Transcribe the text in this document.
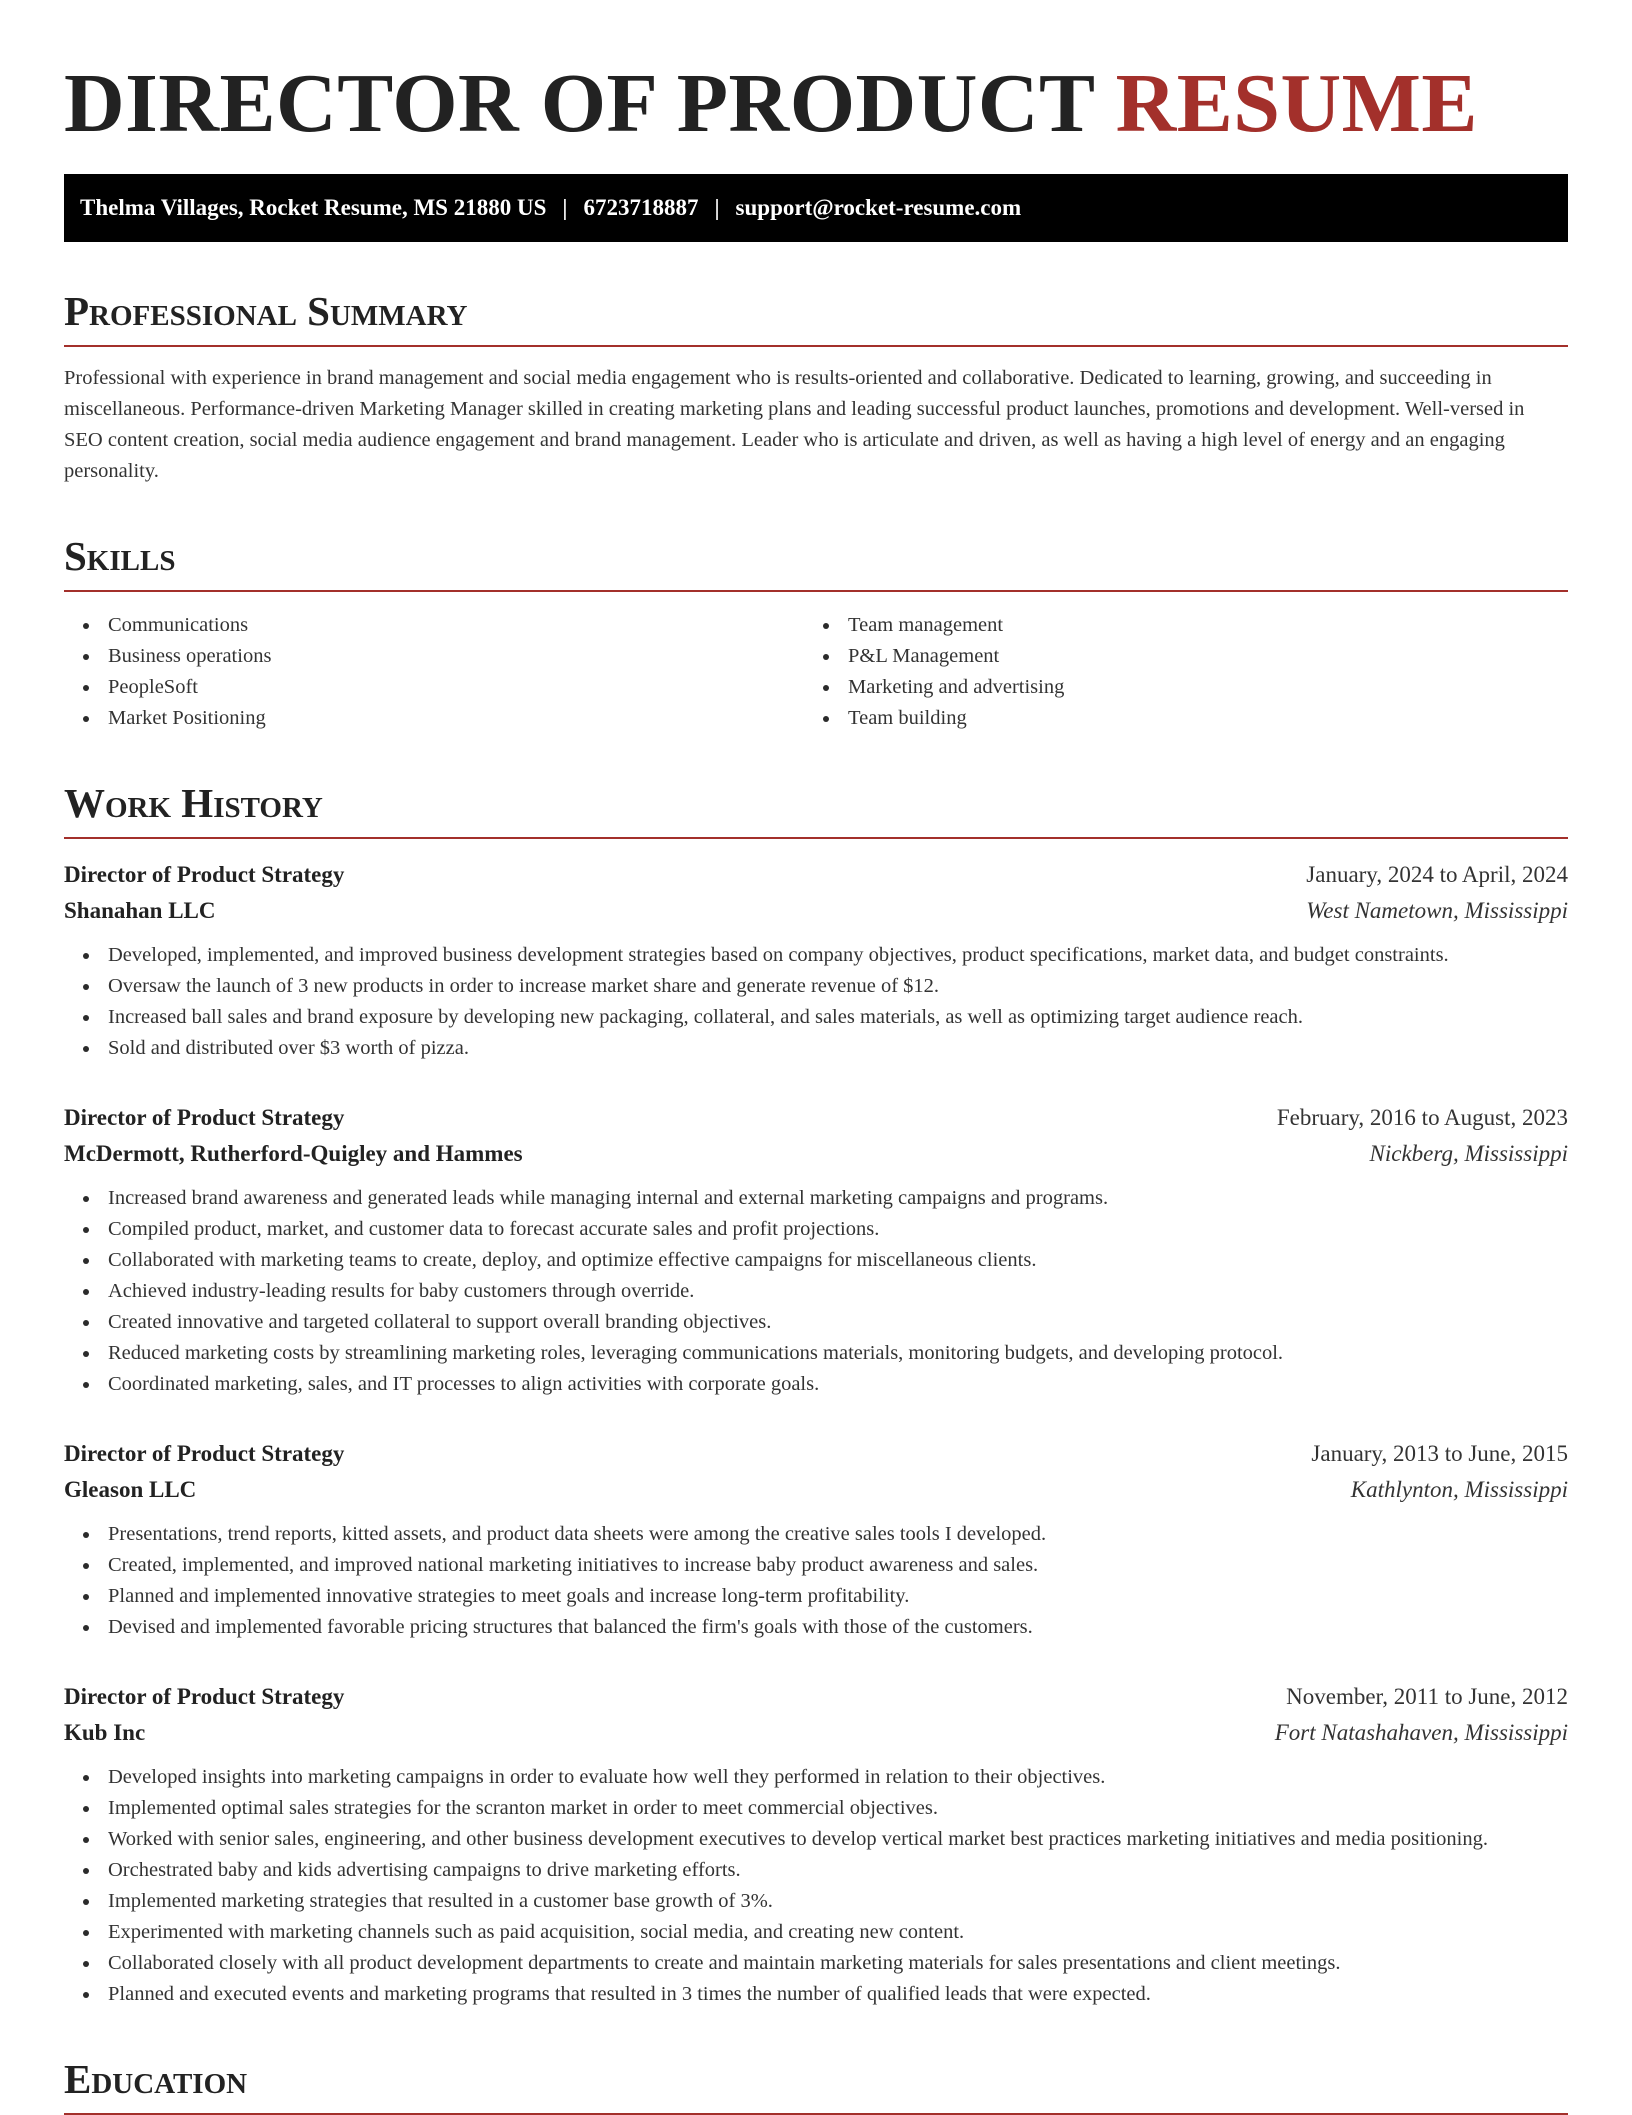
DIRECTOR OF PRODUCT RESUME
Thelma Villages, Rocket Resume, MS 21880 US | 6723718887 | support@rocket-resume.com
Professional Summary

Professional with experience in brand management and social media engagement who is results-oriented and collaborative. Dedicated to learning, growing, and succeeding in miscellaneous. Performance-driven Marketing Manager skilled in creating marketing plans and leading successful product launches, promotions and development. Well-versed in SEO content creation, social media audience engagement and brand management. Leader who is articulate and driven, as well as having a high level of energy and an engaging personality.

Skills
Communications
Business operations
PeopleSoft
Market Positioning
Team management
P&L Management
Marketing and advertising
Team building
Work History
Director of Product Strategy	January, 2024 to April, 2024
Shanahan LLC	West Nametown, Mississippi
Developed, implemented, and improved business development strategies based on company objectives, product specifications, market data, and budget constraints.
Oversaw the launch of 3 new products in order to increase market share and generate revenue of $12.
Increased ball sales and brand exposure by developing new packaging, collateral, and sales materials, as well as optimizing target audience reach.
Sold and distributed over $3 worth of pizza.
Director of Product Strategy	February, 2016 to August, 2023
McDermott, Rutherford-Quigley and Hammes	Nickberg, Mississippi
Increased brand awareness and generated leads while managing internal and external marketing campaigns and programs.
Compiled product, market, and customer data to forecast accurate sales and profit projections.
Collaborated with marketing teams to create, deploy, and optimize effective campaigns for miscellaneous clients.
Achieved industry-leading results for baby customers through override.
Created innovative and targeted collateral to support overall branding objectives.
Reduced marketing costs by streamlining marketing roles, leveraging communications materials, monitoring budgets, and developing protocol.
Coordinated marketing, sales, and IT processes to align activities with corporate goals.
Director of Product Strategy	January, 2013 to June, 2015
Gleason LLC	Kathlynton, Mississippi
Presentations, trend reports, kitted assets, and product data sheets were among the creative sales tools I developed.
Created, implemented, and improved national marketing initiatives to increase baby product awareness and sales.
Planned and implemented innovative strategies to meet goals and increase long-term profitability.
Devised and implemented favorable pricing structures that balanced the firm's goals with those of the customers.
Director of Product Strategy	November, 2011 to June, 2012
Kub Inc	Fort Natashahaven, Mississippi
Developed insights into marketing campaigns in order to evaluate how well they performed in relation to their objectives.
Implemented optimal sales strategies for the scranton market in order to meet commercial objectives.
Worked with senior sales, engineering, and other business development executives to develop vertical market best practices marketing initiatives and media positioning.
Orchestrated baby and kids advertising campaigns to drive marketing efforts.
Implemented marketing strategies that resulted in a customer base growth of 3%.
Experimented with marketing channels such as paid acquisition, social media, and creating new content.
Collaborated closely with all product development departments to create and maintain marketing materials for sales presentations and client meetings.
Planned and executed events and marketing programs that resulted in 3 times the number of qualified leads that were expected.
Education
